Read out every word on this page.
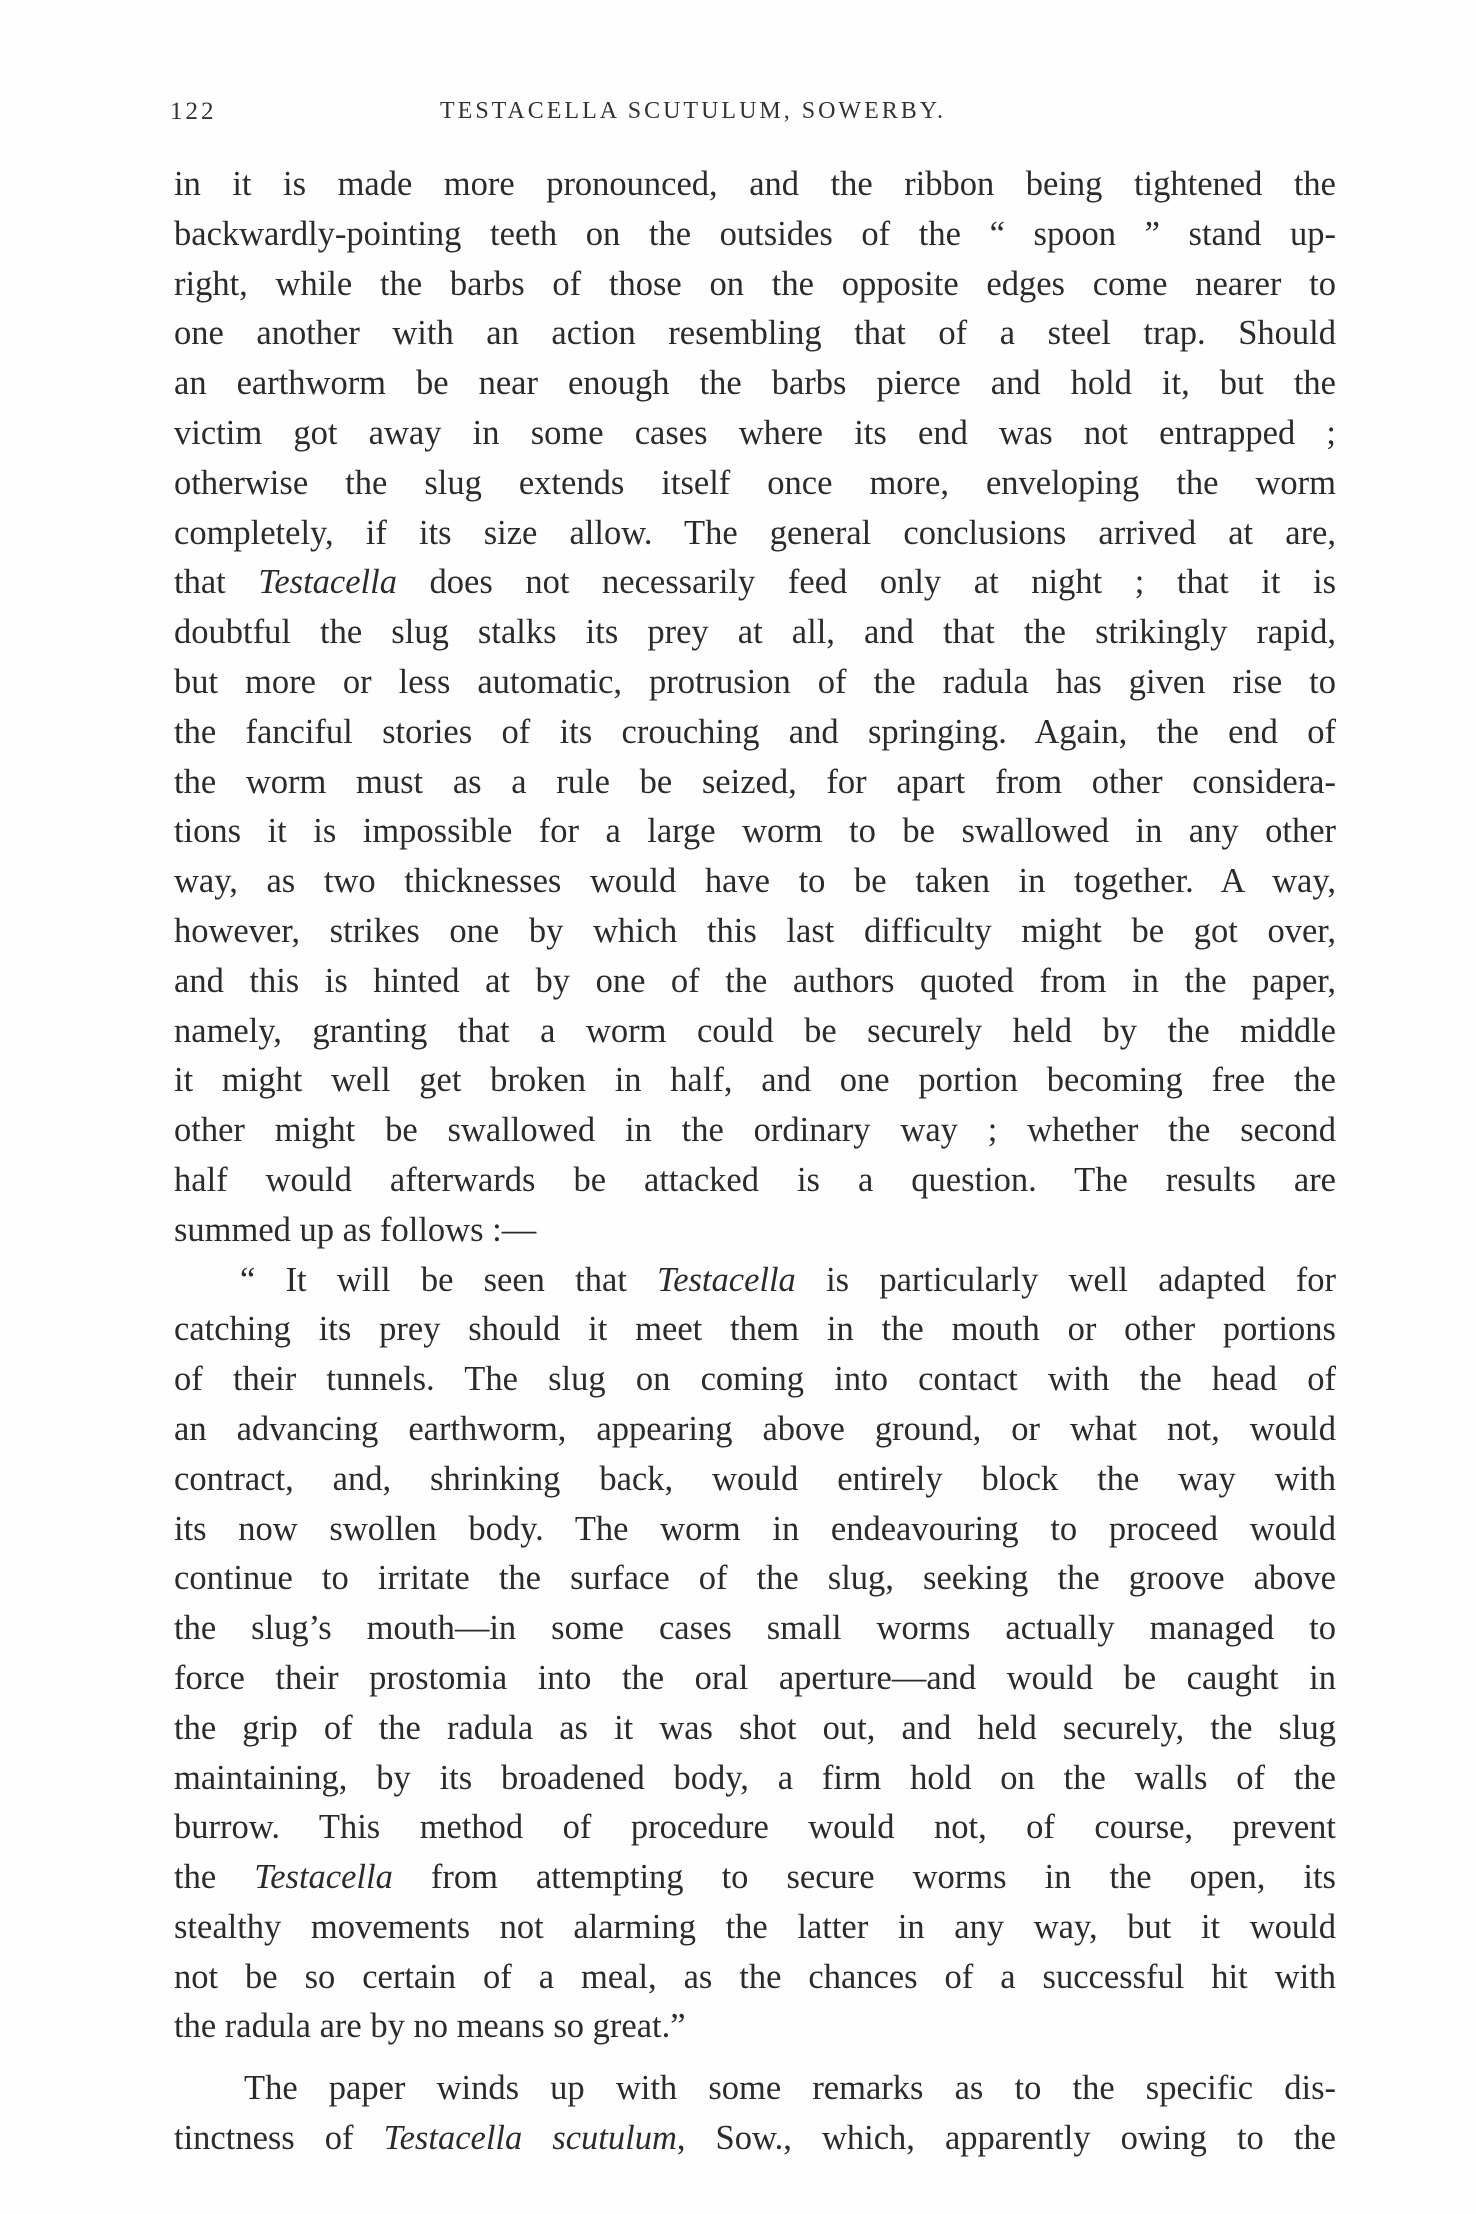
122	TESTACELLA SCUTULUM, SOWERBY.
in it is made more pronounced, and the ribbon being tightened the
backwardly-pointing teeth on the outsides of the “ spoon ” stand up-
right, while the barbs of those on the opposite edges come nearer to
one another with an action resembling that of a steel trap. Should
an earthworm be near enough the barbs pierce and hold it, but the
victim got away in some cases where its end was not entrapped ;
otherwise the slug extends itself once more, enveloping the worm
completely, if its size allow. The general conclusions arrived at are,
that Testacella does not necessarily feed only at night ; that it is
doubtful the slug stalks its prey at all, and that the strikingly rapid,
but more or less automatic, protrusion of the radula has given rise to
the fanciful stories of its crouching and springing. Again, the end of
the worm must as a rule be seized, for apart from other considera-
tions it is impossible for a large worm to be swallowed in any other
way, as two thicknesses would have to be taken in together. A way,
however, strikes one by which this last difficulty might be got over,
and this is hinted at by one of the authors quoted from in the paper,
namely, granting that a worm could be securely held by the middle
it might well get broken in half, and one portion becoming free the
other might be swallowed in the ordinary way ; whether the second
half would afterwards be attacked is a question. The results are
summed up as follows :—
“ It will be seen that Testacella is particularly well adapted for
catching its prey should it meet them in the mouth or other portions
of their tunnels. The slug on coming into contact with the head of
an advancing earthworm, appearing above ground, or what not, would
contract, and, shrinking back, would entirely block the way with
its now swollen body. The worm in endeavouring to proceed would
continue to irritate the surface of the slug, seeking the groove above
the slug’s mouth—in some cases small worms actually managed to
force their prostomia into the oral aperture—and would be caught in
the grip of the radula as it was shot out, and held securely, the slug
maintaining, by its broadened body, a firm hold on the walls of the
burrow. This method of procedure would not, of course, prevent
the Testacella from attempting to secure worms in the open, its
stealthy movements not alarming the latter in any way, but it would
not be so certain of a meal, as the chances of a successful hit with
the radula are by no means so great.”
The paper winds up with some remarks as to the specific dis-
tinctness of Testacella scutulum, Sow., which, apparently owing to the
